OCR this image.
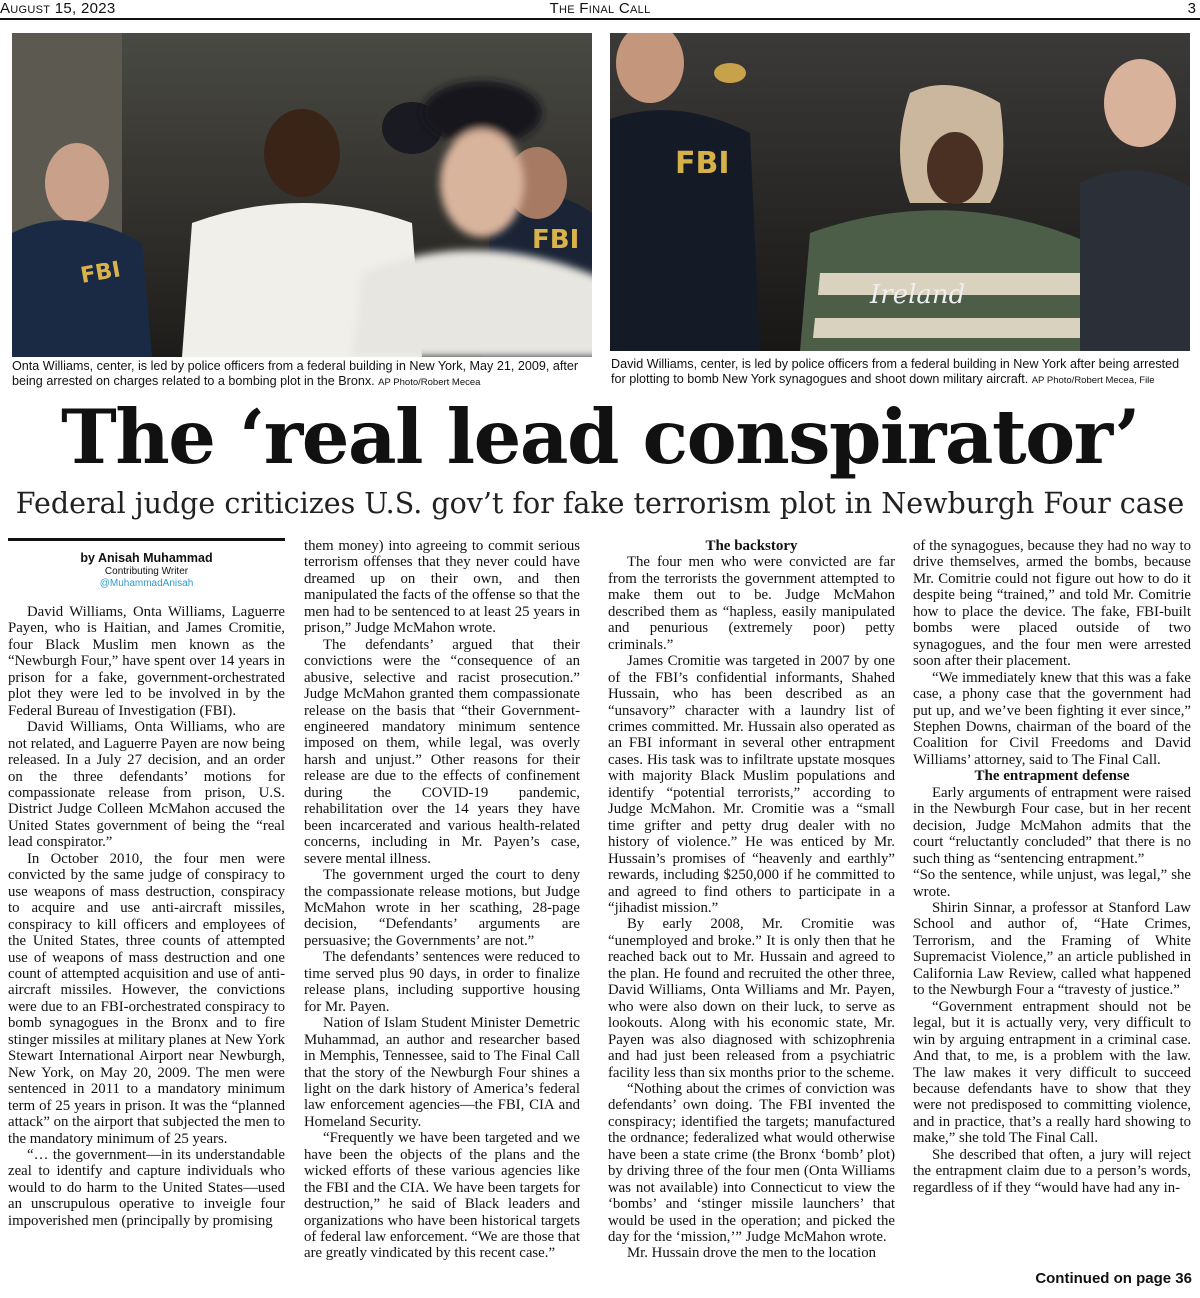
August 15, 2023	The Final Call	3
FBI
FBI
Onta Williams, center, is led by police officers from a federal building in New York, May 21, 2009, after being arrested on charges related to a bombing plot in the Bronx. AP Photo/Robert Mecea
FBI
Ireland
David Williams, center, is led by police officers from a federal building in New York after being arrested for plotting to bomb New York synagogues and shoot down military aircraft. AP Photo/Robert Mecea, File
The ‘real lead conspirator’
Federal judge criticizes U.S. gov’t for fake terrorism plot in Newburgh Four case
by Anisah Muhammad
Contributing Writer
@MuhammadAnisah

David Williams, Onta Williams, Laguerre Payen, who is Haitian, and James Cromitie, four Black Muslim men known as the “Newburgh Four,” have spent over 14 years in prison for a fake, government-orchestrated plot they were led to be involved in by the Federal Bureau of Investigation (FBI).

David Williams, Onta Williams, who are not related, and Laguerre Payen are now being released. In a July 27 decision, and an order on the three defendants’ motions for compassionate release from prison, U.S. District Judge Colleen McMahon accused the United States government of being the “real lead conspirator.”

In October 2010, the four men were convicted by the same judge of conspiracy to use weapons of mass destruction, conspiracy to acquire and use anti-aircraft missiles, conspiracy to kill officers and employees of the United States, three counts of attempted use of weapons of mass destruction and one count of attempted acquisition and use of anti-aircraft missiles. However, the convictions were due to an FBI-orchestrated conspiracy to bomb synagogues in the Bronx and to fire stinger missiles at military planes at New York Stewart International Airport near Newburgh, New York, on May 20, 2009. The men were sentenced in 2011 to a mandatory minimum term of 25 years in prison. It was the “planned attack” on the airport that subjected the men to the mandatory minimum of 25 years.

“… the government—in its understandable zeal to identify and capture individuals who would to do harm to the United States—used an unscrupulous operative to inveigle four impoverished men (principally by promising

them money) into agreeing to commit serious terrorism offenses that they never could have dreamed up on their own, and then manipulated the facts of the offense so that the men had to be sentenced to at least 25 years in prison,” Judge McMahon wrote.

The defendants’ argued that their convictions were the “consequence of an abusive, selective and racist prosecution.” Judge McMahon granted them compassionate release on the basis that “their Government-engineered mandatory minimum sentence imposed on them, while legal, was overly harsh and unjust.” Other reasons for their release are due to the effects of confinement during the COVID-19 pandemic, rehabilitation over the 14 years they have been incarcerated and various health-related concerns, including in Mr. Payen’s case, severe mental illness.

The government urged the court to deny the compassionate release motions, but Judge McMahon wrote in her scathing, 28-page decision, “Defendants’ arguments are persuasive; the Governments’ are not.”

The defendants’ sentences were reduced to time served plus 90 days, in order to finalize release plans, including supportive housing for Mr. Payen.

Nation of Islam Student Minister Demetric Muhammad, an author and researcher based in Memphis, Tennessee, said to The Final Call that the story of the Newburgh Four shines a light on the dark history of America’s federal law enforcement agencies—the FBI, CIA and Homeland Security.

“Frequently we have been targeted and we have been the objects of the plans and the wicked efforts of these various agencies like the FBI and the CIA. We have been targets for destruction,” he said of Black leaders and organizations who have been historical targets of federal law enforcement. “We are those that are greatly vindicated by this recent case.”

The backstory

The four men who were convicted are far from the terrorists the government attempted to make them out to be. Judge McMahon described them as “hapless, easily manipulated and penurious (extremely poor) petty criminals.”

James Cromitie was targeted in 2007 by one of the FBI’s confidential informants, Shahed Hussain, who has been described as an “unsavory” character with a laundry list of crimes committed. Mr. Hussain also operated as an FBI informant in several other entrapment cases. His task was to infiltrate upstate mosques with majority Black Muslim populations and identify “potential terrorists,” according to Judge McMahon. Mr. Cromitie was a “small time grifter and petty drug dealer with no history of violence.” He was enticed by Mr. Hussain’s promises of “heavenly and earthly” rewards, including $250,000 if he committed to and agreed to find others to participate in a “jihadist mission.”

By early 2008, Mr. Cromitie was “unemployed and broke.” It is only then that he reached back out to Mr. Hussain and agreed to the plan. He found and recruited the other three, David Williams, Onta Williams and Mr. Payen, who were also down on their luck, to serve as lookouts. Along with his economic state, Mr. Payen was also diagnosed with schizophrenia and had just been released from a psychiatric facility less than six months prior to the scheme.

“Nothing about the crimes of conviction was defendants’ own doing. The FBI invented the conspiracy; identified the targets; manufactured the ordnance; federalized what would otherwise have been a state crime (the Bronx ‘bomb’ plot) by driving three of the four men (Onta Williams was not available) into Connecticut to view the ‘bombs’ and ‘stinger missile launchers’ that would be used in the operation; and picked the day for the ‘mission,’” Judge McMahon wrote.

Mr. Hussain drove the men to the location

of the synagogues, because they had no way to drive themselves, armed the bombs, because Mr. Comitrie could not figure out how to do it despite being “trained,” and told Mr. Comitrie how to place the device. The fake, FBI-built bombs were placed outside of two synagogues, and the four men were arrested soon after their placement.

“We immediately knew that this was a fake case, a phony case that the government had put up, and we’ve been fighting it ever since,” Stephen Downs, chairman of the board of the Coalition for Civil Freedoms and David Williams’ attorney, said to The Final Call.

The entrapment defense

Early arguments of entrapment were raised in the Newburgh Four case, but in her recent decision, Judge McMahon admits that the court “reluctantly concluded” that there is no such thing as “sentencing entrapment.”

“So the sentence, while unjust, was legal,” she wrote.

Shirin Sinnar, a professor at Stanford Law School and author of, “Hate Crimes, Terrorism, and the Framing of White Supremacist Violence,” an article published in California Law Review, called what happened to the Newburgh Four a “travesty of justice.”

“Government entrapment should not be legal, but it is actually very, very difficult to win by arguing entrapment in a criminal case. And that, to me, is a problem with the law. The law makes it very difficult to succeed because defendants have to show that they were not predisposed to committing violence, and in practice, that’s a really hard showing to make,” she told The Final Call.

She described that often, a jury will reject the entrapment claim due to a person’s words, regardless of if they “would have had any in-

Continued on page 36
